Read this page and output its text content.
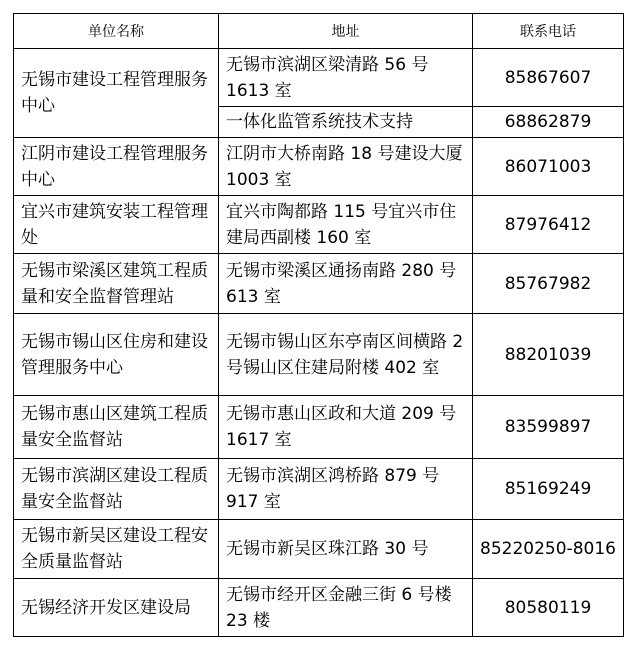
单位名称	地址	联系电话
无锡市建设工程管理服务中心	无锡市滨湖区梁清路 56 号 1613 室	85867607
	一体化监管系统技术支持	68862879
江阴市建设工程管理服务中心	江阴市大桥南路 18 号建设大厦 1003 室	86071003
宜兴市建筑安装工程管理处	宜兴市陶都路 115 号宜兴市住建局西副楼 160 室	87976412
无锡市梁溪区建筑工程质量和安全监督管理站	无锡市梁溪区通扬南路 280 号 613 室	85767982
无锡市锡山区住房和建设管理服务中心	无锡市锡山区东亭南区间横路 2 号锡山区住建局附楼 402 室	88201039
无锡市惠山区建筑工程质量安全监督站	无锡市惠山区政和大道 209 号 1617 室	83599897
无锡市滨湖区建设工程质量安全监督站	无锡市滨湖区鸿桥路 879 号 917 室	85169249
无锡市新吴区建设工程安全质量监督站	无锡市新吴区珠江路 30 号	85220250-8016
无锡经济开发区建设局	无锡市经开区金融三街 6 号楼 23 楼	80580119
